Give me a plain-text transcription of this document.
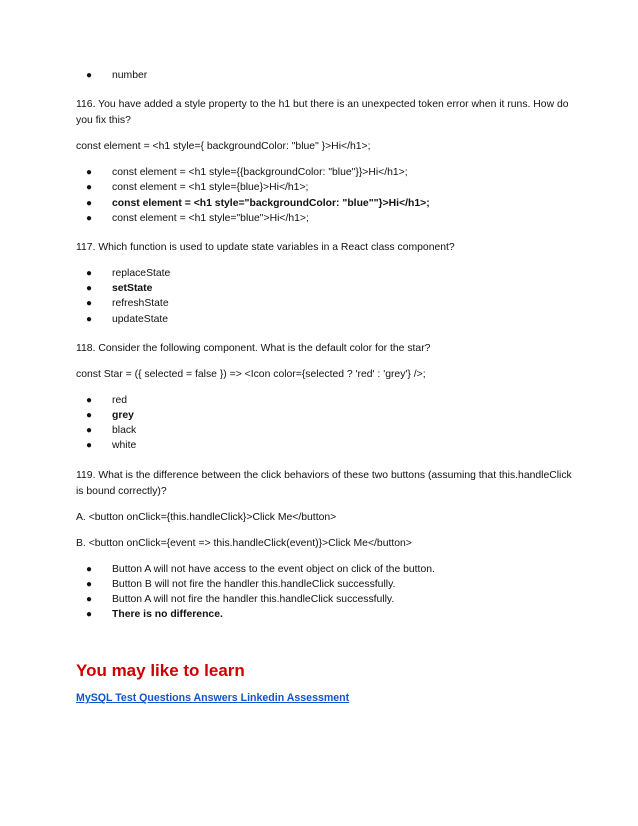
● number

116. You have added a style property to the h1 but there is an unexpected token error when it runs. How do you fix this?

const element = <h1 style={ backgroundColor: "blue" }>Hi</h1>;

● const element = <h1 style={{backgroundColor: "blue"}}>Hi</h1>;
● const element = <h1 style={blue}>Hi</h1>;
● const element = <h1 style="backgroundColor: "blue""}>Hi</h1>;
● const element = <h1 style="blue">Hi</h1>;

117. Which function is used to update state variables in a React class component?

● replaceState
● setState
● refreshState
● updateState

118. Consider the following component. What is the default color for the star?

const Star = ({ selected = false }) => <Icon color={selected ? 'red' : 'grey'} />;

● red
● grey
● black
● white

119. What is the difference between the click behaviors of these two buttons (assuming that this.handleClick is bound correctly)?

A. <button onClick={this.handleClick}>Click Me</button>

B. <button onClick={event => this.handleClick(event)}>Click Me</button>

● Button A will not have access to the event object on click of the button.
● Button B will not fire the handler this.handleClick successfully.
● Button A will not fire the handler this.handleClick successfully.
● There is no difference.

You may like to learn

MySQL Test Questions Answers Linkedin Assessment
